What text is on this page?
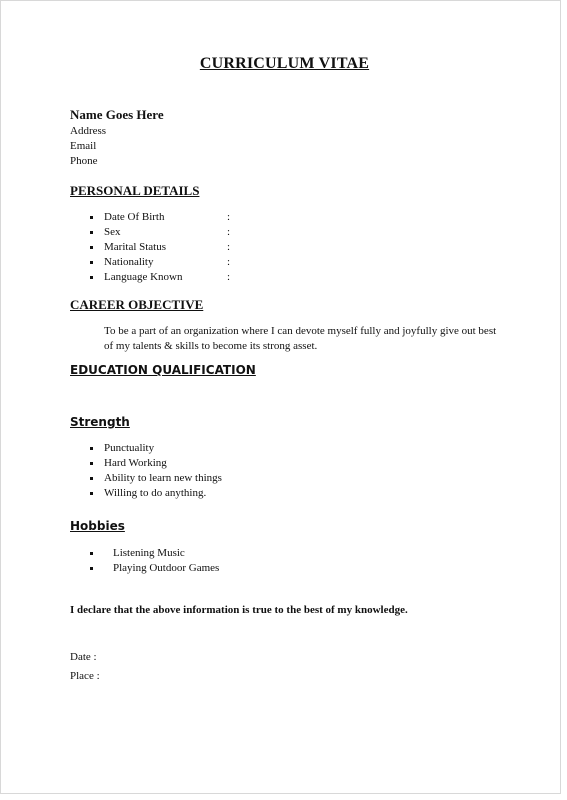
CURRICULUM VITAE
Name Goes Here
Address
Email
Phone
PERSONAL DETAILS
Date Of Birth	:
Sex	:
Marital Status	:
Nationality	:
Language Known	:
CAREER OBJECTIVE
To be a part of an organization where I can devote myself fully and joyfully give out best of my talents & skills to become its strong asset.
EDUCATION QUALIFICATION
Strength
Punctuality
Hard Working
Ability to learn new things
Willing to do anything.
Hobbies
Listening Music
Playing Outdoor Games
I declare that the above information is true to the best of my knowledge.
Date :
Place :
